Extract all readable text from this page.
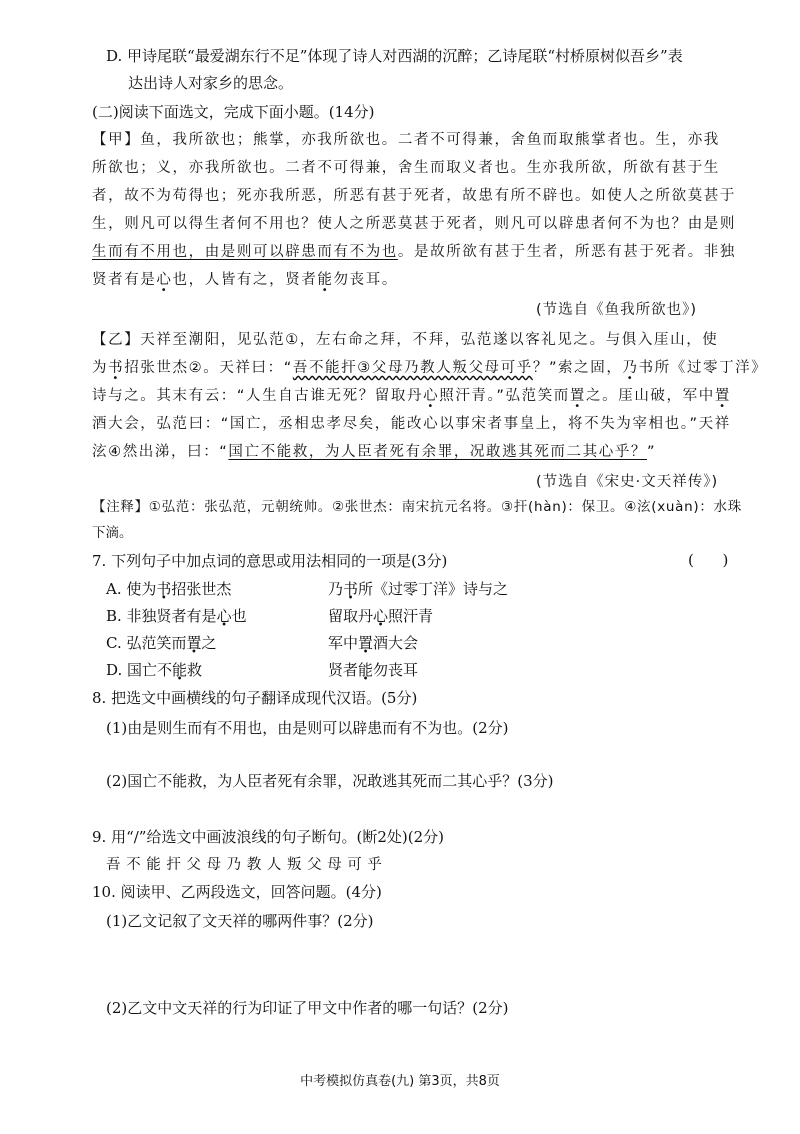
D. 甲诗尾联“最爱湖东行不足”体现了诗人对西湖的沉醉；乙诗尾联“村桥原树似吾乡”表
达出诗人对家乡的思念。
(二)阅读下面选文，完成下面小题。(14分)
【甲】鱼，我所欲也；熊掌，亦我所欲也。二者不可得兼，舍鱼而取熊掌者也。生，亦我
所欲也；义，亦我所欲也。二者不可得兼，舍生而取义者也。生亦我所欲，所欲有甚于生
者，故不为苟得也；死亦我所恶，所恶有甚于死者，故患有所不辟也。如使人之所欲莫甚于
生，则凡可以得生者何不用也？使人之所恶莫甚于死者，则凡可以辟患者何不为也？由是则
生而有不用也，由是则可以辟患而有不为也。是故所欲有甚于生者，所恶有甚于死者。非独
贤者有是心也，人皆有之，贤者能勿丧耳。
(节选自《鱼我所欲也》)
【乙】天祥至潮阳，见弘范①，左右命之拜，不拜，弘范遂以客礼见之。与俱入厓山，使
为书招张世杰②。天祥曰：“吾不能扞③父母乃教人叛父母可乎？”索之固，乃书所《过零丁洋》
诗与之。其末有云：“人生自古谁无死？留取丹心照汗青。”弘范笑而置之。厓山破，军中置
酒大会，弘范曰：“国亡，丞相忠孝尽矣，能改心以事宋者事皇上，将不失为宰相也。”天祥
泫④然出涕，曰：“国亡不能救，为人臣者死有余罪，况敢逃其死而二其心乎？”
(节选自《宋史·文天祥传》)
【注释】①弘范：张弘范，元朝统帅。②张世杰：南宋抗元名将。③扞(hàn)：保卫。④泫(xuàn)：水珠
下滴。
7. 下列句子中加点词的意思或用法相同的一项是(3分)	(      )
A. 使为书招张世杰	乃书所《过零丁洋》诗与之
B. 非独贤者有是心也	留取丹心照汗青
C. 弘范笑而置之	军中置酒大会
D. 国亡不能救	贤者能勿丧耳
8. 把选文中画横线的句子翻译成现代汉语。(5分)
(1)由是则生而有不用也，由是则可以辟患而有不为也。(2分)
(2)国亡不能救，为人臣者死有余罪，况敢逃其死而二其心乎？(3分)
9. 用“/”给选文中画波浪线的句子断句。(断2处)(2分)
吾 不 能 扞 父 母 乃 教 人 叛 父 母 可 乎
10. 阅读甲、乙两段选文，回答问题。(4分)
(1)乙文记叙了文天祥的哪两件事？(2分)
(2)乙文中文天祥的行为印证了甲文中作者的哪一句话？(2分)
中考模拟仿真卷(九) 第3页，共8页
